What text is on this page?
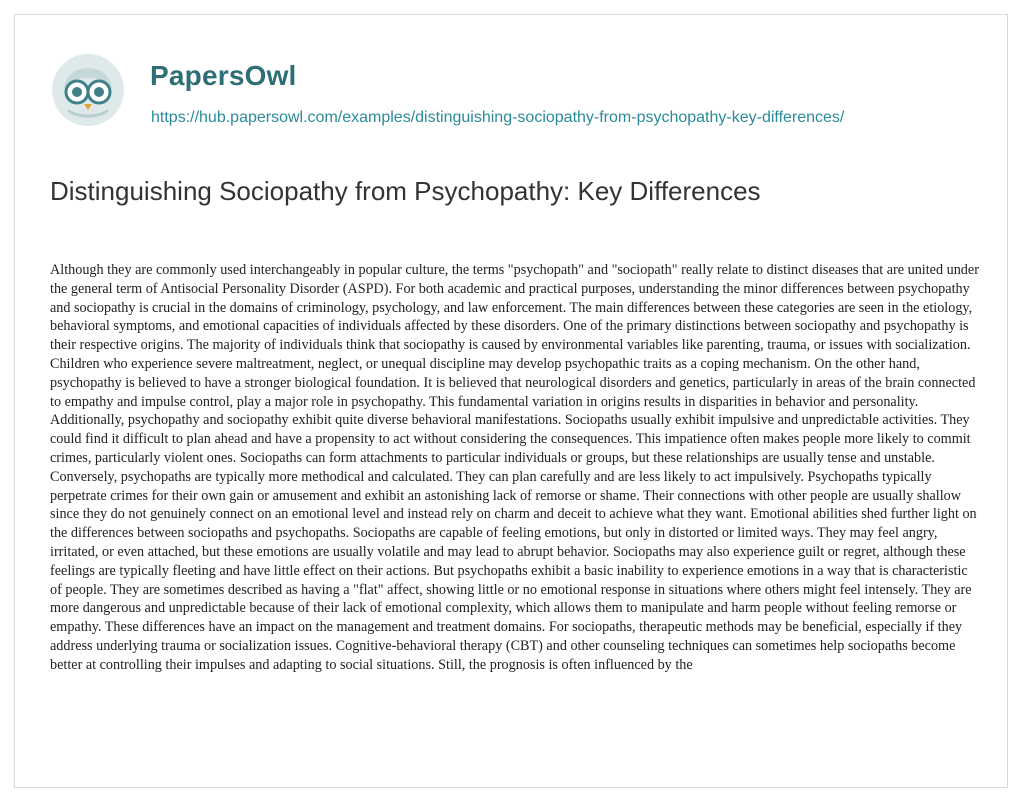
PapersOwl
https://hub.papersowl.com/examples/distinguishing-sociopathy-from-psychopathy-key-differences/
Distinguishing Sociopathy from Psychopathy: Key Differences

Although they are commonly used interchangeably in popular culture, the terms "psychopath" and "sociopath" really relate to distinct diseases that are united under the general term of Antisocial Personality Disorder (ASPD). For both academic and practical purposes, understanding the minor differences between psychopathy and sociopathy is crucial in the domains of criminology, psychology, and law enforcement. The main differences between these categories are seen in the etiology, behavioral symptoms, and emotional capacities of individuals affected by these disorders. One of the primary distinctions between sociopathy and psychopathy is their respective origins. The majority of individuals think that sociopathy is caused by environmental variables like parenting, trauma, or issues with socialization. Children who experience severe maltreatment, neglect, or unequal discipline may develop psychopathic traits as a coping mechanism. On the other hand, psychopathy is believed to have a stronger biological foundation. It is believed that neurological disorders and genetics, particularly in areas of the brain connected to empathy and impulse control, play a major role in psychopathy. This fundamental variation in origins results in disparities in behavior and personality. Additionally, psychopathy and sociopathy exhibit quite diverse behavioral manifestations. Sociopaths usually exhibit impulsive and unpredictable activities. They could find it difficult to plan ahead and have a propensity to act without considering the consequences. This impatience often makes people more likely to commit crimes, particularly violent ones. Sociopaths can form attachments to particular individuals or groups, but these relationships are usually tense and unstable. Conversely, psychopaths are typically more methodical and calculated. They can plan carefully and are less likely to act impulsively. Psychopaths typically perpetrate crimes for their own gain or amusement and exhibit an astonishing lack of remorse or shame. Their connections with other people are usually shallow since they do not genuinely connect on an emotional level and instead rely on charm and deceit to achieve what they want. Emotional abilities shed further light on the differences between sociopaths and psychopaths. Sociopaths are capable of feeling emotions, but only in distorted or limited ways. They may feel angry, irritated, or even attached, but these emotions are usually volatile and may lead to abrupt behavior. Sociopaths may also experience guilt or regret, although these feelings are typically fleeting and have little effect on their actions. But psychopaths exhibit a basic inability to experience emotions in a way that is characteristic of people. They are sometimes described as having a "flat" affect, showing little or no emotional response in situations where others might feel intensely. They are more dangerous and unpredictable because of their lack of emotional complexity, which allows them to manipulate and harm people without feeling remorse or empathy. These differences have an impact on the management and treatment domains. For sociopaths, therapeutic methods may be beneficial, especially if they address underlying trauma or socialization issues. Cognitive-behavioral therapy (CBT) and other counseling techniques can sometimes help sociopaths become better at controlling their impulses and adapting to social situations. Still, the prognosis is often influenced by the
